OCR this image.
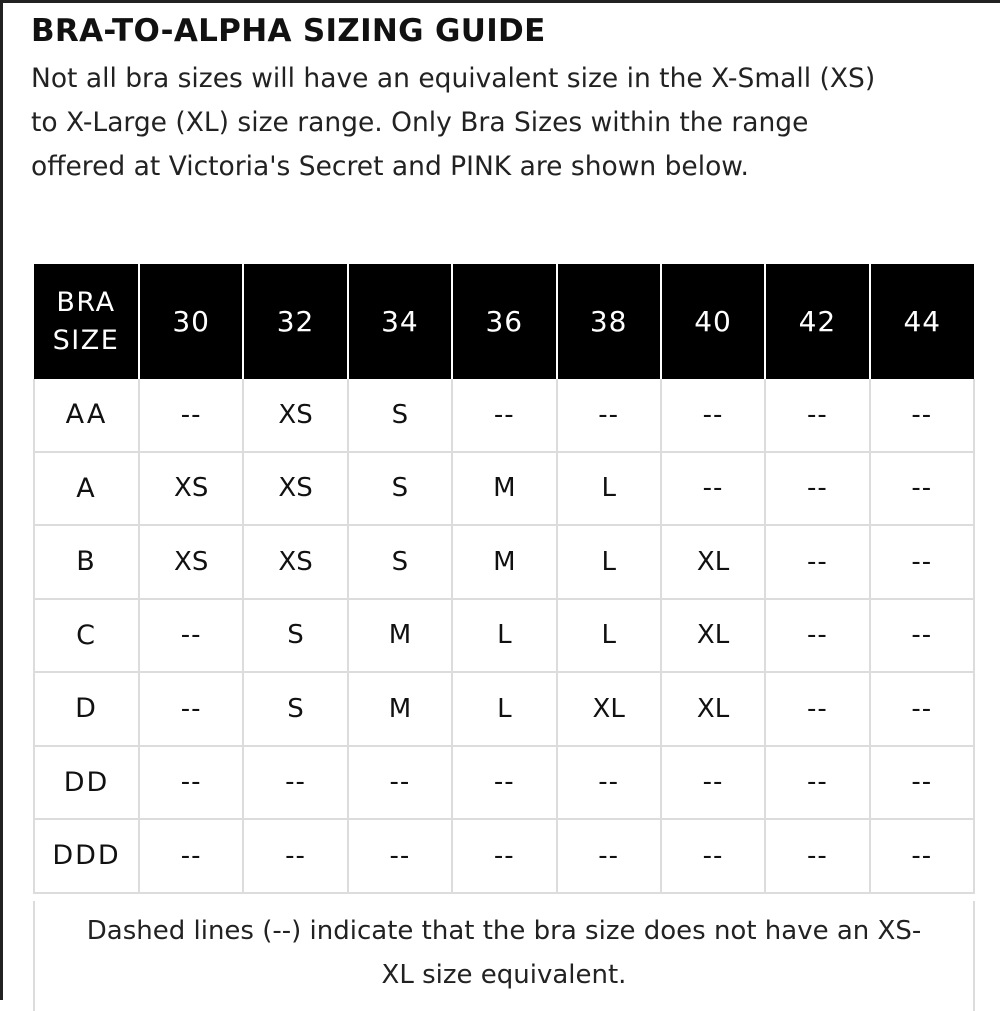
BRA-TO-ALPHA SIZING GUIDE
Not all bra sizes will have an equivalent size in the X-Small (XS)
to X-Large (XL) size range. Only Bra Sizes within the range
offered at Victoria's Secret and PINK are shown below.
BRA
SIZE	30	32	34	36	38	40	42	44
AA	--	XS	S	--	--	--	--	--
A	XS	XS	S	M	L	--	--	--
B	XS	XS	S	M	L	XL	--	--
C	--	S	M	L	L	XL	--	--
D	--	S	M	L	XL	XL	--	--
DD	--	--	--	--	--	--	--	--
DDD	--	--	--	--	--	--	--	--
Dashed lines (--) indicate that the bra size does not have an XS-
XL size equivalent.
